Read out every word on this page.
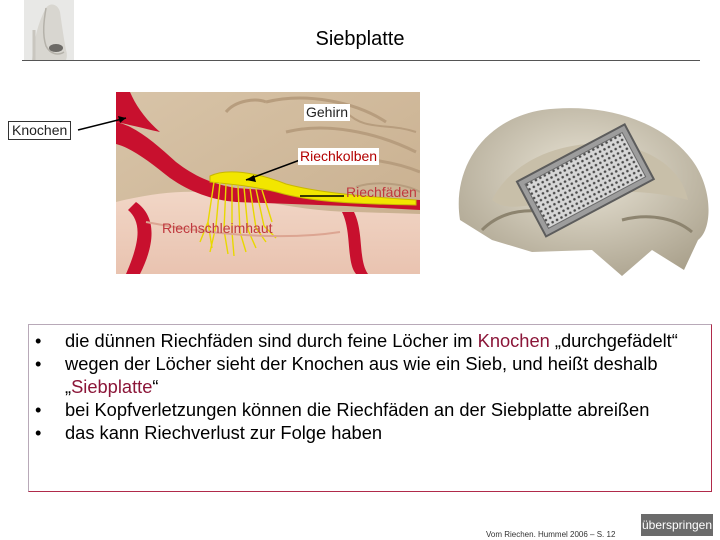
Siebplatte
Knochen
Gehirn
Riechkolben
Riechfäden
Riechschleimhaut
• die dünnen Riechfäden sind durch feine Löcher im Knochen „durchgefädelt“
• wegen der Löcher sieht der Knochen aus wie ein Sieb, und heißt deshalb „Siebplatte“
• bei Kopfverletzungen können die Riechfäden an der Siebplatte abreißen
• das kann Riechverlust zur Folge haben
Vom Riechen. Hummel 2006 – S. 12
überspringen
